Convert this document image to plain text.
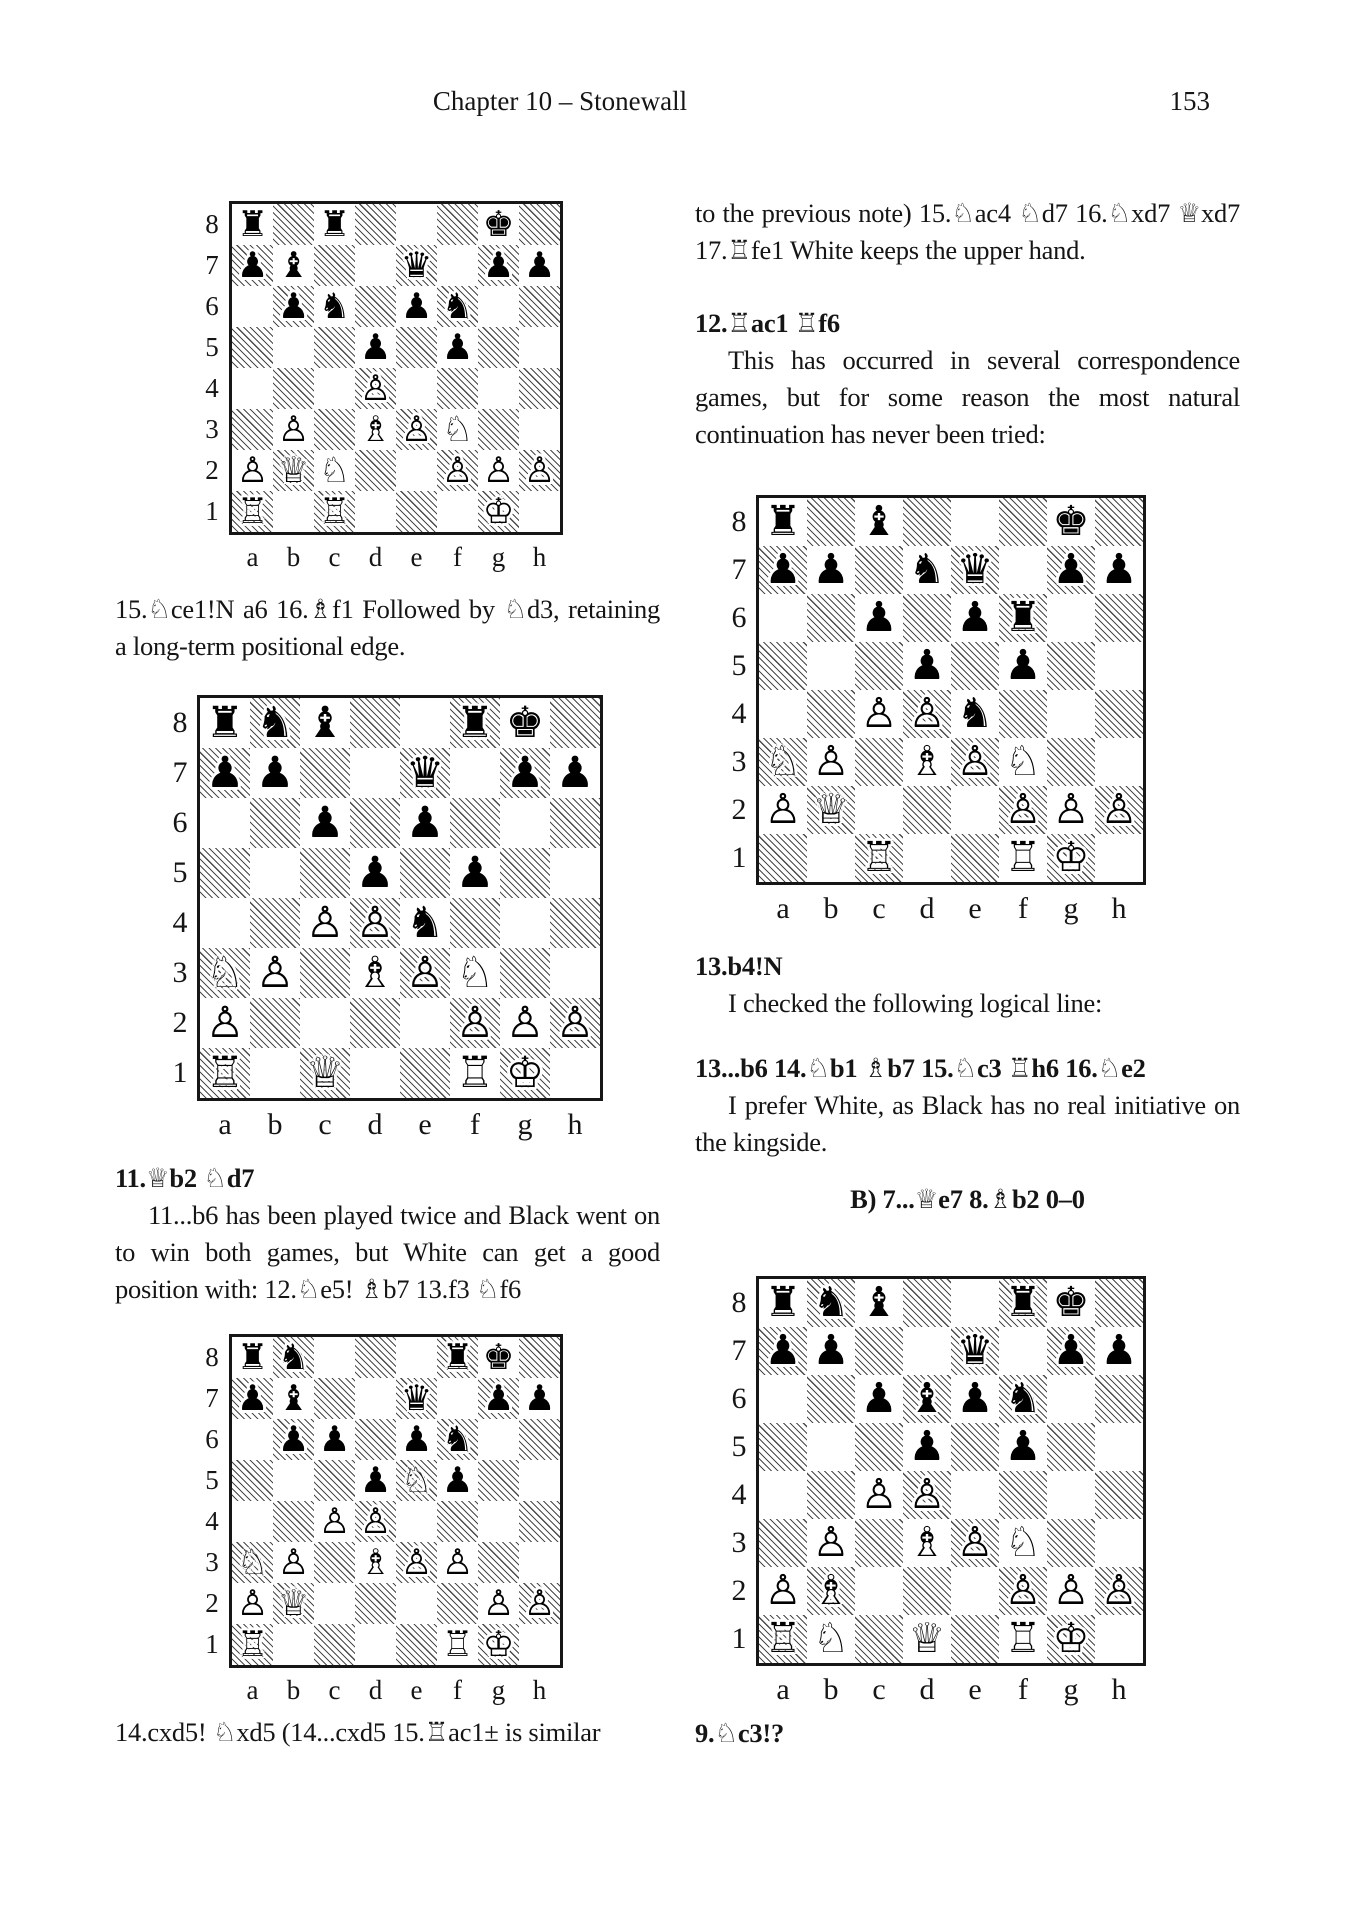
Chapter 10 – Stonewall	153
8
7
6
5
4
3
2
1
♜ ♜	♚
♟ ♝	♛ ♟ ♟
♟ ♞ ♟ ♞
♟ ♟
♙
♙ ♗ ♙ ♘
♙ ♕ ♘	♙ ♙ ♙
♖ ♖	♔
a	b	c	d	e	f	g	h

15.♘ce1!N a6 16.♗f1 Followed by ♘d3, retaining a long-term positional edge.

8
7
6
5
4
3
2
1
♜ ♞ ♝	♜ ♚
♟ ♟	♛ ♟ ♟
♟ ♟
♟ ♟
♙ ♙ ♞
♘ ♙ ♗ ♙ ♘
♙	♙ ♙ ♙
♖ ♕	♖ ♔
a	b	c	d	e	f	g	h

11.♕b2 ♘d7

11...b6 has been played twice and Black went on to win both games, but White can get a good position with: 12.♘e5! ♗b7 13.f3 ♘f6

8
7
6
5
4
3
2
1
♜ ♞	♜ ♚
♟ ♝	♛ ♟ ♟
♟ ♟ ♟ ♞
♟ ♘ ♟
♙ ♙
♘ ♙ ♗ ♙ ♙
♙ ♕	♙ ♙
♖	♖ ♔
a	b	c	d	e	f	g	h

14.cxd5! ♘xd5 (14...cxd5 15.♖ac1± is similar

to the previous note) 15.♘ac4 ♘d7 16.♘xd7 ♕xd7 17.♖fe1 White keeps the upper hand.

12.♖ac1 ♖f6

This has occurred in several correspondence games, but for some reason the most natural continuation has never been tried:

8
7
6
5
4
3
2
1
♜ ♝	♚
♟ ♟ ♞ ♛ ♟ ♟
♟ ♟ ♜
♟ ♟
♙ ♙ ♞
♘ ♙ ♗ ♙ ♘
♙ ♕	♙ ♙ ♙
♖	♖ ♔
a	b	c	d	e	f	g	h

13.b4!N

I checked the following logical line:

13...b6 14.♘b1 ♗b7 15.♘c3 ♖h6 16.♘e2

I prefer White, as Black has no real initiative on the kingside.

B) 7...♕e7 8.♗b2 0–0

8
7
6
5
4
3
2
1
♜ ♞ ♝	♜ ♚
♟ ♟	♛ ♟ ♟
♟ ♝ ♟ ♞
♟ ♟
♙ ♙
♙ ♗ ♙ ♘
♙ ♗	♙ ♙ ♙
♖ ♘ ♕ ♖ ♔
a	b	c	d	e	f	g	h

9.♘c3!?
